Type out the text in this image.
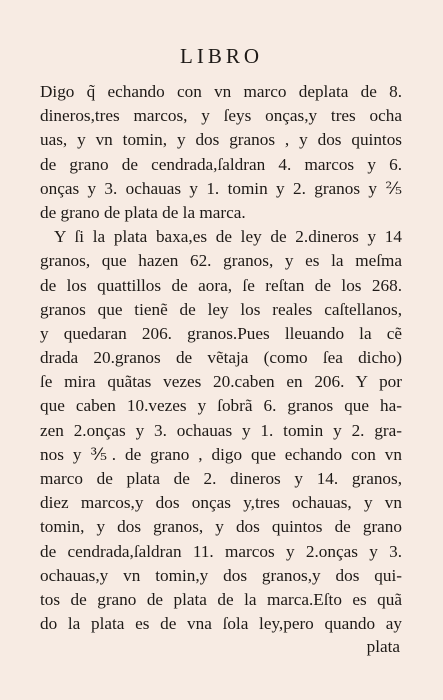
LIBRO
Digo q̃ echando con vn marco deplata de 8.
dineros,tres marcos, y ſeys onças,y tres ocha
uas, y vn tomin, y dos granos , y dos quintos
de grano de cendrada,ſaldran 4. marcos y 6.
onças y 3. ochauas y 1. tomin y 2. granos y ⅖
de grano de plata de la marca.
Y ſi la plata baxa,es de ley de 2.dineros y 14
granos, que hazen 62. granos, y es la meſma
de los quattillos de aora, ſe reſtan de los 268.
granos que tienẽ de ley los reales caſtellanos,
y quedaran 206. granos.Pues lleuando la cẽ
drada 20.granos de vẽtaja (como ſea dicho)
ſe mira quãtas vezes 20.caben en 206. Y por
que caben 10.vezes y ſobrã 6. granos que ha-
zen 2.onças y 3. ochauas y 1. tomin y 2. gra-
nos y ⅗. de grano , digo que echando con vn
marco de plata de 2. dineros y 14. granos,
diez marcos,y dos onças y,tres ochauas, y vn
tomin, y dos granos, y dos quintos de grano
de cendrada,ſaldran 11. marcos y 2.onças y 3.
ochauas,y vn tomin,y dos granos,y dos qui-
tos de grano de plata de la marca.Eſto es quã
do la plata es de vna ſola ley,pero quando ay
plata
